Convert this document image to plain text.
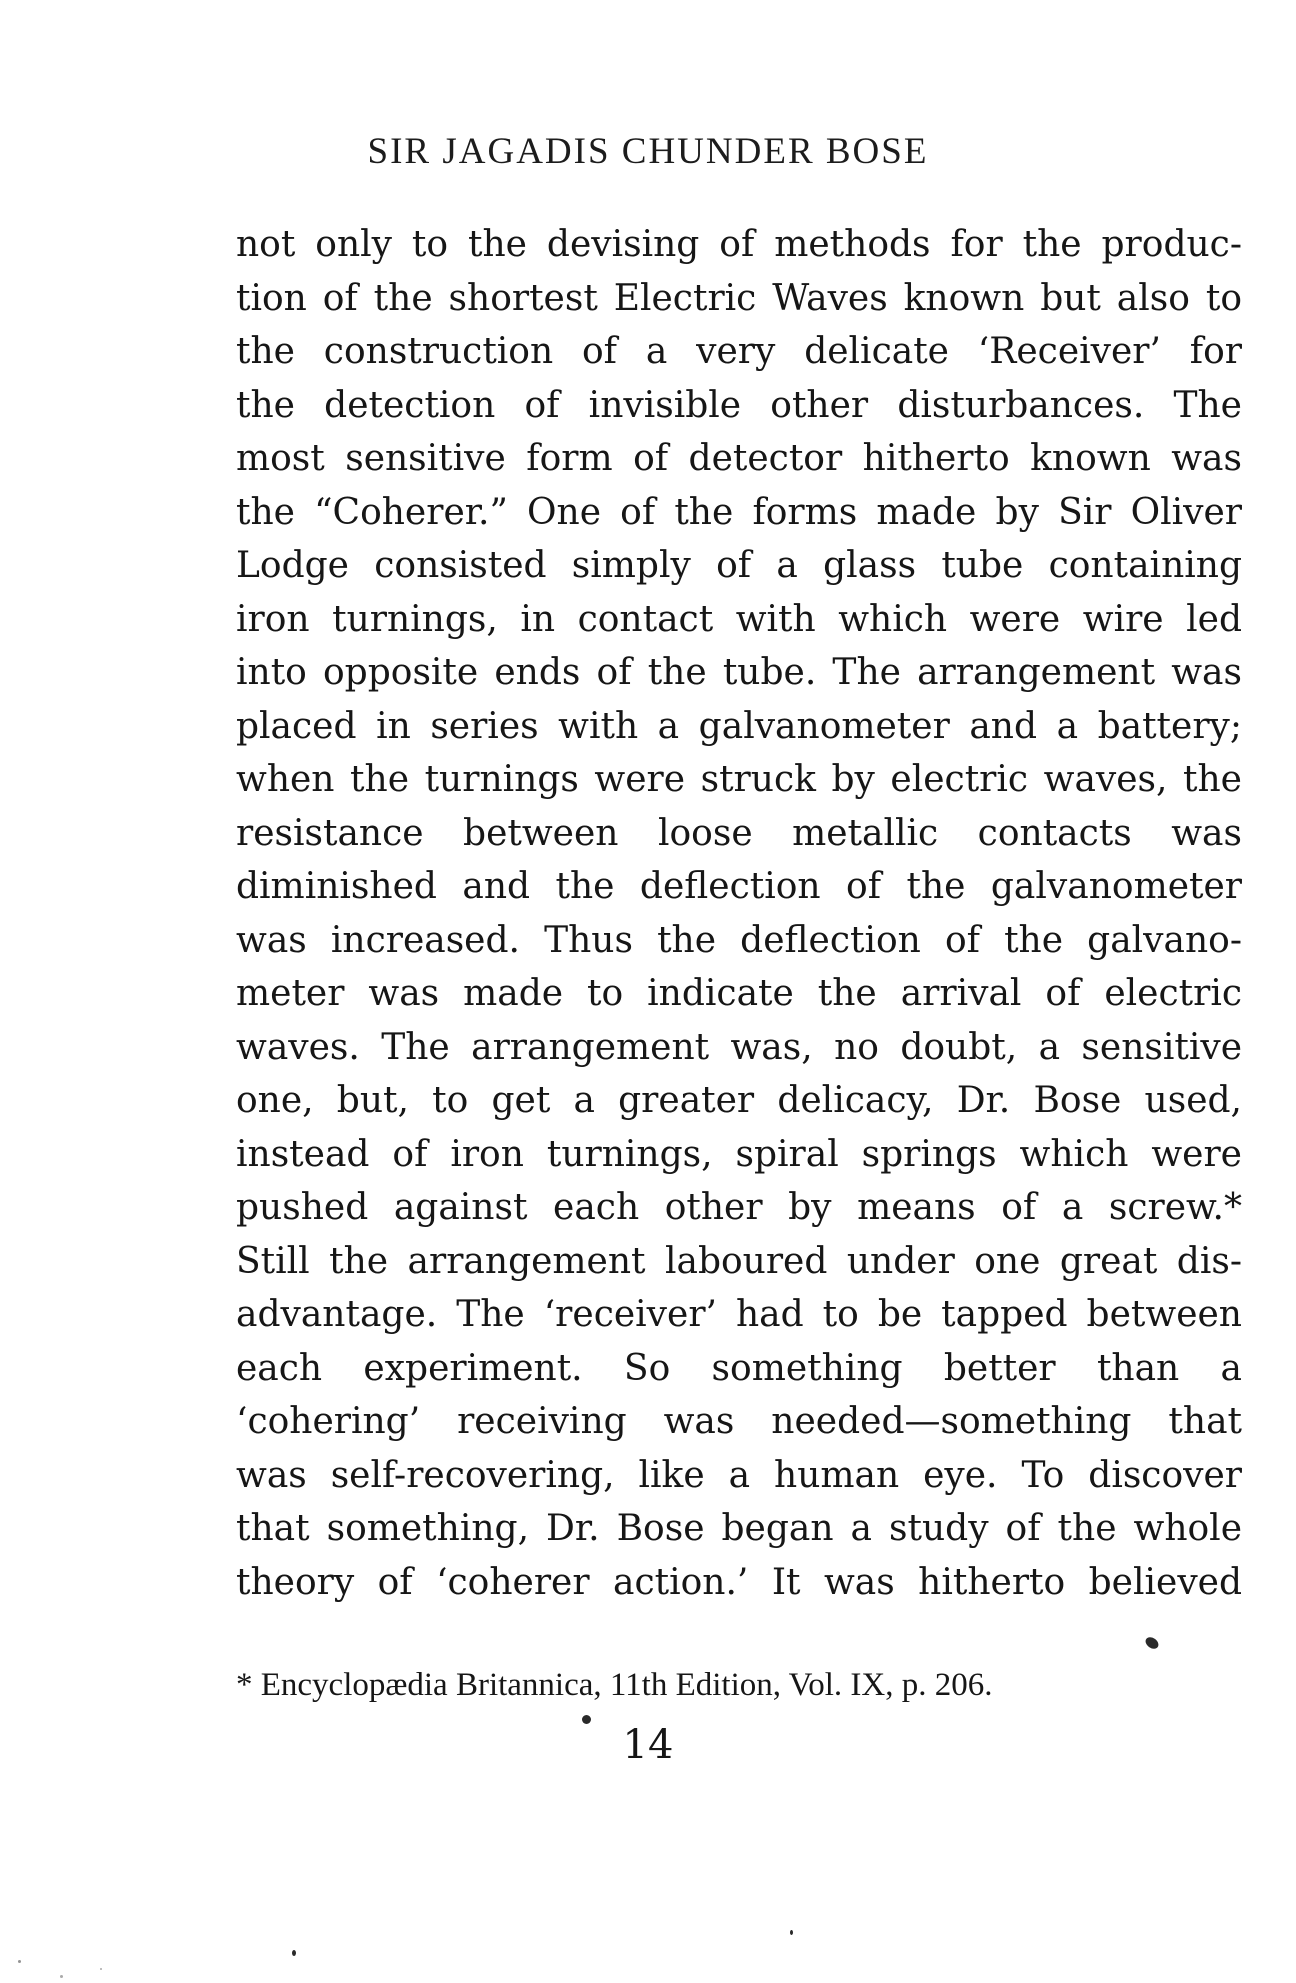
SIR JAGADIS CHUNDER BOSE
not only to the devising of methods for the produc-
tion of the shortest Electric Waves known but also to
the construction of a very delicate ‘Receiver’ for
the detection of invisible other disturbances. The
most sensitive form of detector hitherto known was
the “Coherer.” One of the forms made by Sir Oliver
Lodge consisted simply of a glass tube containing
iron turnings, in contact with which were wire led
into opposite ends of the tube. The arrangement was
placed in series with a galvanometer and a battery;
when the turnings were struck by electric waves, the
resistance between loose metallic contacts was
diminished and the deflection of the galvanometer
was increased. Thus the deflection of the galvano-
meter was made to indicate the arrival of electric
waves. The arrangement was, no doubt, a sensitive
one, but, to get a greater delicacy, Dr. Bose used,
instead of iron turnings, spiral springs which were
pushed against each other by means of a screw.*
Still the arrangement laboured under one great dis-
advantage. The ‘receiver’ had to be tapped between
each experiment. So something better than a
‘cohering’ receiving was needed—something that
was self-recovering, like a human eye. To discover
that something, Dr. Bose began a study of the whole
theory of ‘coherer action.’ It was hitherto believed
* Encyclopædia Britannica, 11th Edition, Vol. IX, p. 206.
14
